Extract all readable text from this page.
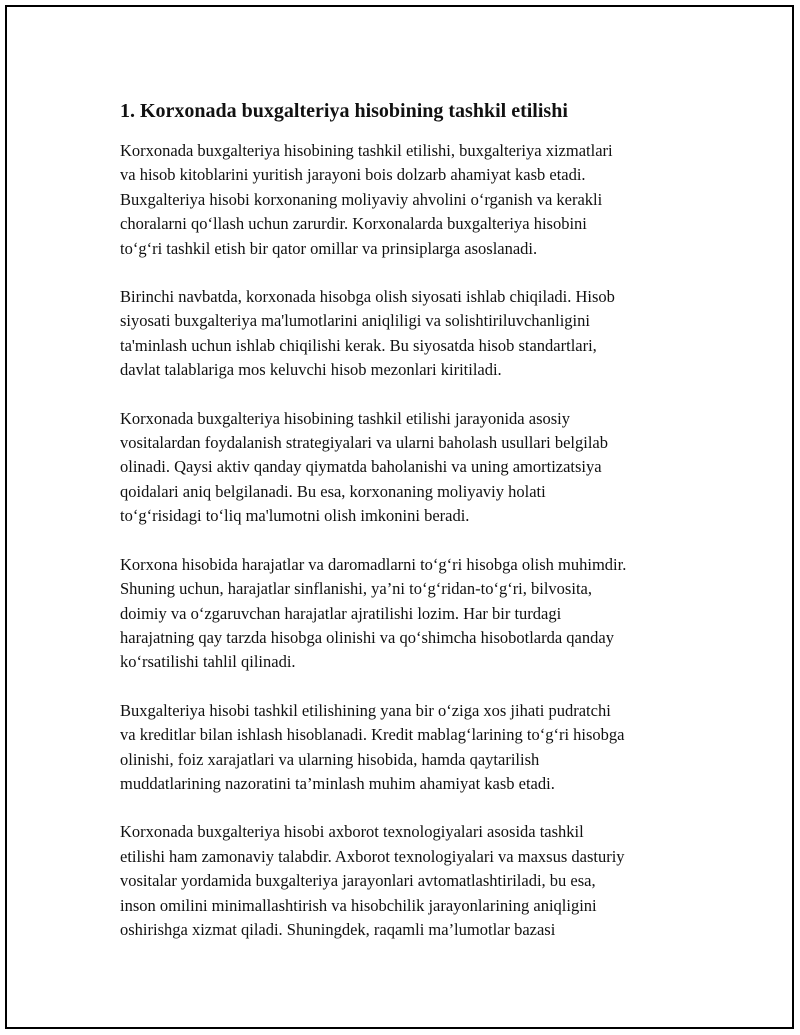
1. Korxonada buxgalteriya hisobining tashkil etilishi

Korxonada buxgalteriya hisobining tashkil etilishi, buxgalteriya xizmatlari
va hisob kitoblarini yuritish jarayoni bois dolzarb ahamiyat kasb etadi.
Buxgalteriya hisobi korxonaning moliyaviy ahvolini o‘rganish va kerakli
choralarni qo‘llash uchun zarurdir. Korxonalarda buxgalteriya hisobini
to‘g‘ri tashkil etish bir qator omillar va prinsiplarga asoslanadi.

Birinchi navbatda, korxonada hisobga olish siyosati ishlab chiqiladi. Hisob
siyosati buxgalteriya ma'lumotlarini aniqliligi va solishtiriluvchanligini
ta'minlash uchun ishlab chiqilishi kerak. Bu siyosatda hisob standartlari,
davlat talablariga mos keluvchi hisob mezonlari kiritiladi.

Korxonada buxgalteriya hisobining tashkil etilishi jarayonida asosiy
vositalardan foydalanish strategiyalari va ularni baholash usullari belgilab
olinadi. Qaysi aktiv qanday qiymatda baholanishi va uning amortizatsiya
qoidalari aniq belgilanadi. Bu esa, korxonaning moliyaviy holati
to‘g‘risidagi to‘liq ma'lumotni olish imkonini beradi.

Korxona hisobida harajatlar va daromadlarni to‘g‘ri hisobga olish muhimdir.
Shuning uchun, harajatlar sinflanishi, ya’ni to‘g‘ridan-to‘g‘ri, bilvosita,
doimiy va o‘zgaruvchan harajatlar ajratilishi lozim. Har bir turdagi
harajatning qay tarzda hisobga olinishi va qo‘shimcha hisobotlarda qanday
ko‘rsatilishi tahlil qilinadi.

Buxgalteriya hisobi tashkil etilishining yana bir o‘ziga xos jihati pudratchi
va kreditlar bilan ishlash hisoblanadi. Kredit mablag‘larining to‘g‘ri hisobga
olinishi, foiz xarajatlari va ularning hisobida, hamda qaytarilish
muddatlarining nazoratini ta’minlash muhim ahamiyat kasb etadi.

Korxonada buxgalteriya hisobi axborot texnologiyalari asosida tashkil
etilishi ham zamonaviy talabdir. Axborot texnologiyalari va maxsus dasturiy
vositalar yordamida buxgalteriya jarayonlari avtomatlashtiriladi, bu esa,
inson omilini minimallashtirish va hisobchilik jarayonlarining aniqligini
oshirishga xizmat qiladi. Shuningdek, raqamli ma’lumotlar bazasi
